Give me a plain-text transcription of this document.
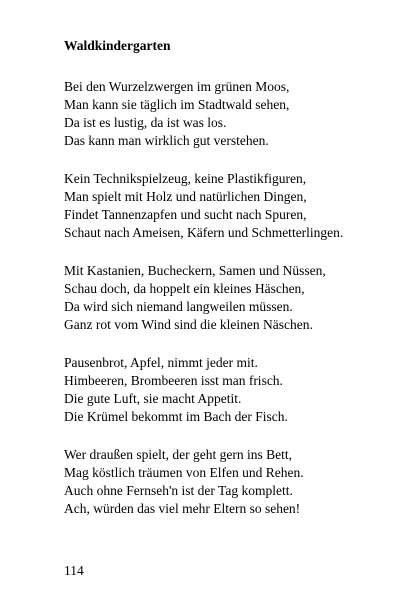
Waldkindergarten
Bei den Wurzelzwergen im grünen Moos,
Man kann sie täglich im Stadtwald sehen,
Da ist es lustig, da ist was los.
Das kann man wirklich gut verstehen.
Kein Technikspielzeug, keine Plastikfiguren,
Man spielt mit Holz und natürlichen Dingen,
Findet Tannenzapfen und sucht nach Spuren,
Schaut nach Ameisen, Käfern und Schmetterlingen.
Mit Kastanien, Bucheckern, Samen und Nüssen,
Schau doch, da hoppelt ein kleines Häschen,
Da wird sich niemand langweilen müssen.
Ganz rot vom Wind sind die kleinen Näschen.
Pausenbrot, Apfel, nimmt jeder mit.
Himbeeren, Brombeeren isst man frisch.
Die gute Luft, sie macht Appetit.
Die Krümel bekommt im Bach der Fisch.
Wer draußen spielt, der geht gern ins Bett,
Mag köstlich träumen von Elfen und Rehen.
Auch ohne Fernseh'n ist der Tag komplett.
Ach, würden das viel mehr Eltern so sehen!
114
